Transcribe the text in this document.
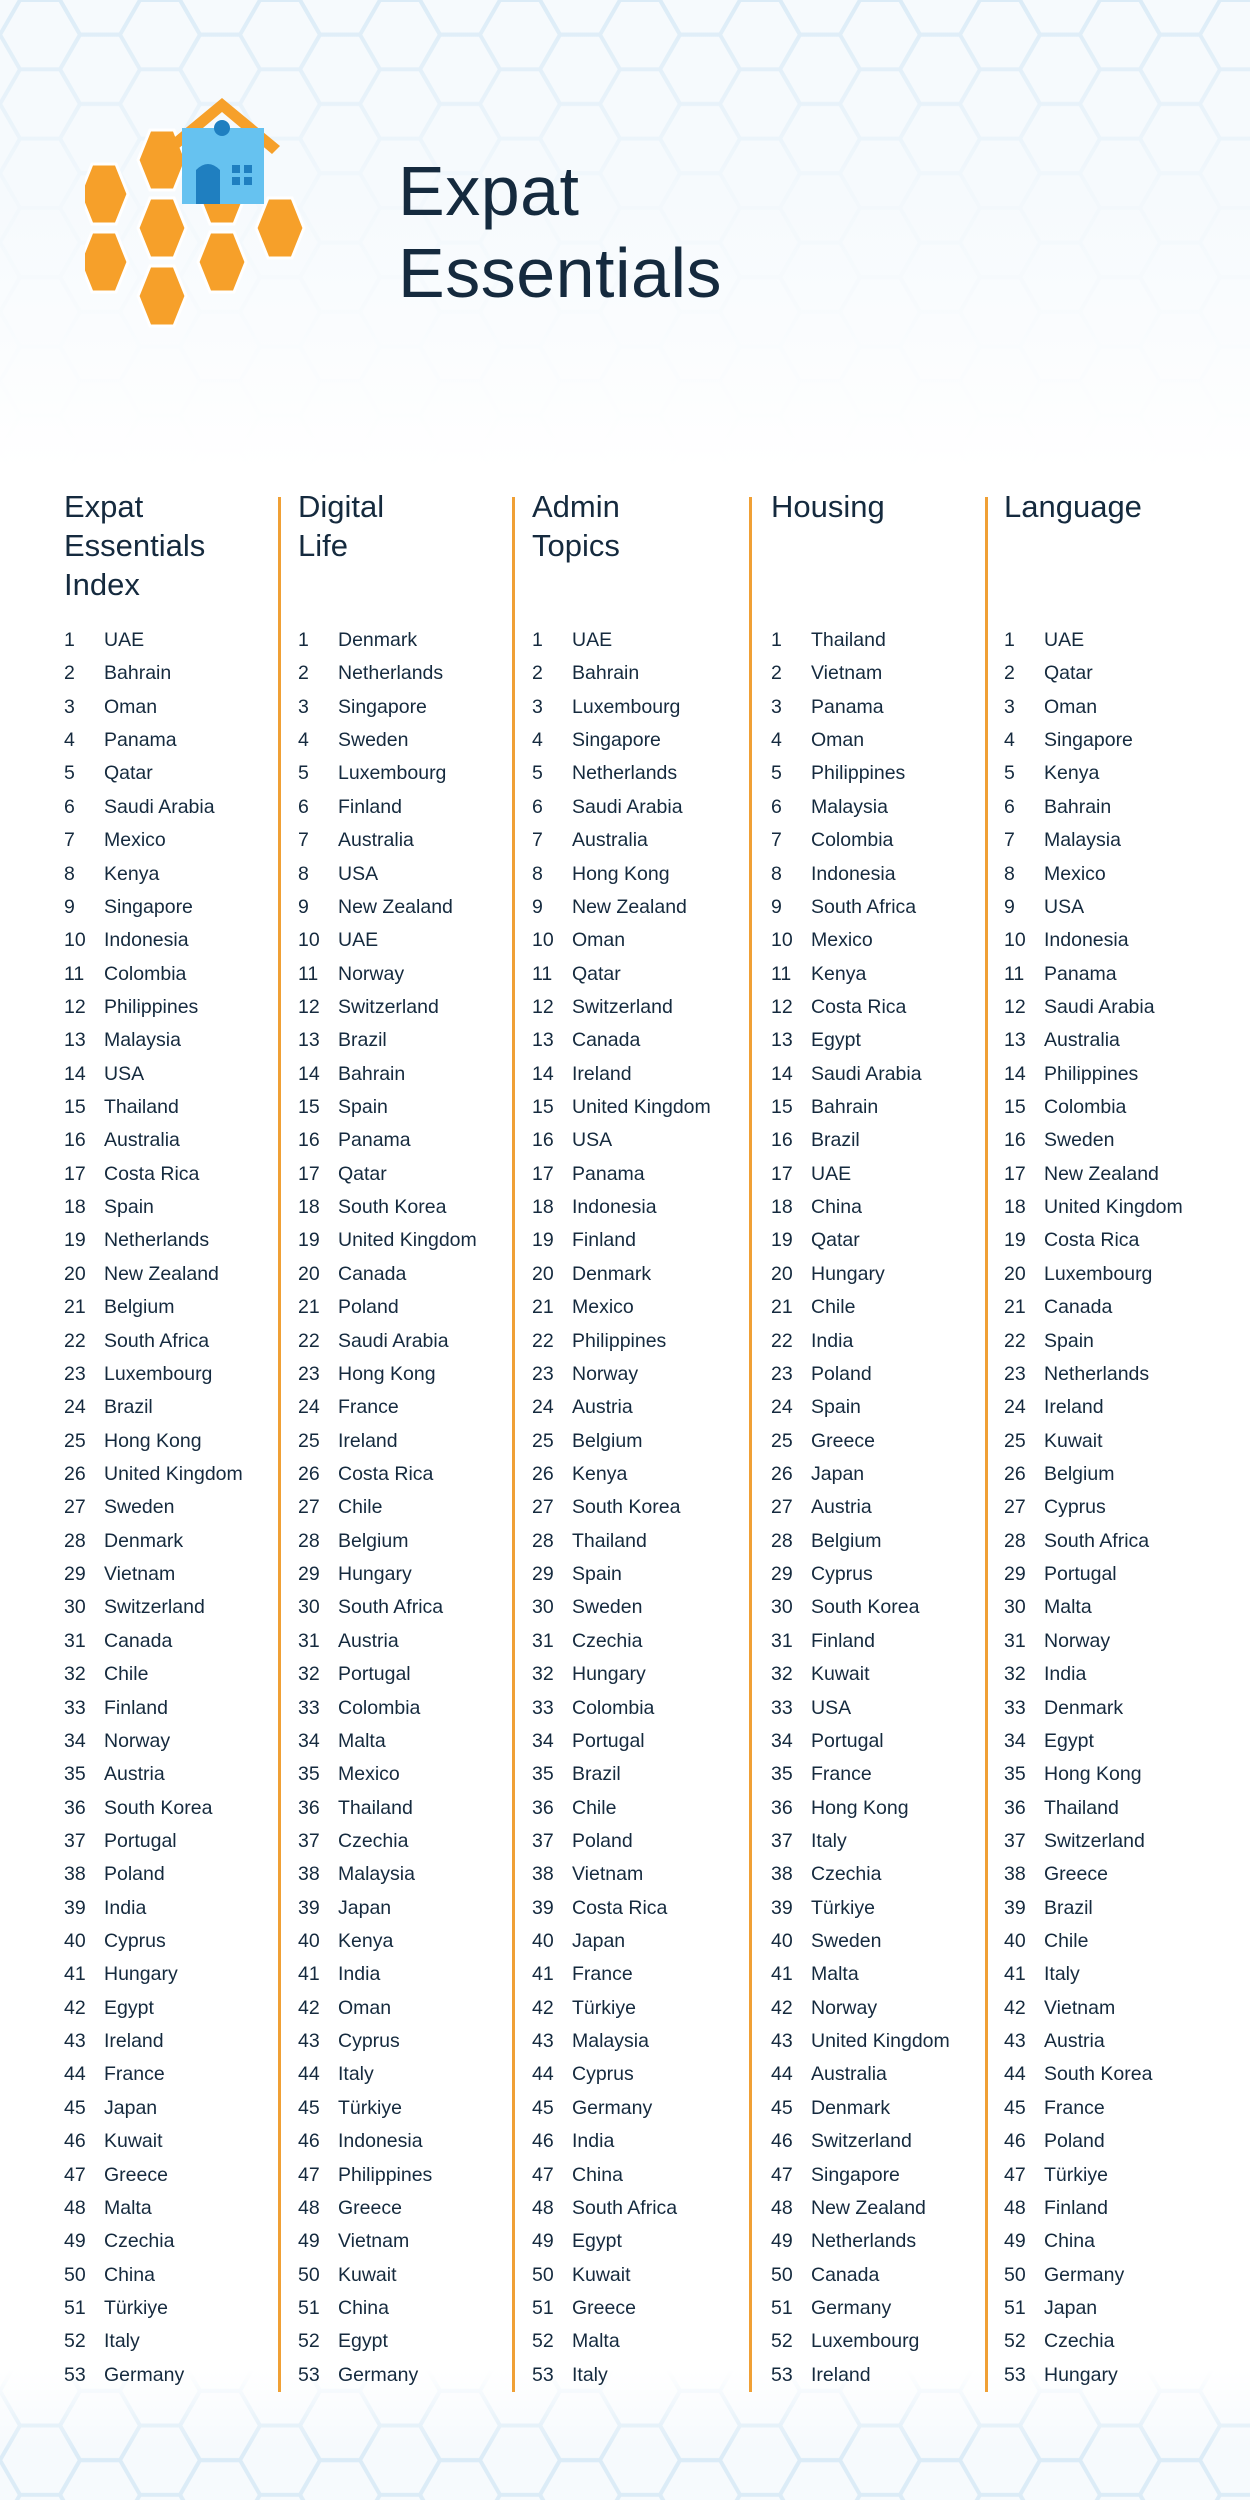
Expat
Essentials
Expat
Essentials
Index
1 UAE
2 Bahrain
3 Oman
4 Panama
5 Qatar
6 Saudi Arabia
7 Mexico
8 Kenya
9 Singapore
10 Indonesia
11 Colombia
12 Philippines
13 Malaysia
14 USA
15 Thailand
16 Australia
17 Costa Rica
18 Spain
19 Netherlands
20 New Zealand
21 Belgium
22 South Africa
23 Luxembourg
24 Brazil
25 Hong Kong
26 United Kingdom
27 Sweden
28 Denmark
29 Vietnam
30 Switzerland
31 Canada
32 Chile
33 Finland
34 Norway
35 Austria
36 South Korea
37 Portugal
38 Poland
39 India
40 Cyprus
41 Hungary
42 Egypt
43 Ireland
44 France
45 Japan
46 Kuwait
47 Greece
48 Malta
49 Czechia
50 China
51 Türkiye
52 Italy
53 Germany
Digital
Life
1 Denmark
2 Netherlands
3 Singapore
4 Sweden
5 Luxembourg
6 Finland
7 Australia
8 USA
9 New Zealand
10 UAE
11 Norway
12 Switzerland
13 Brazil
14 Bahrain
15 Spain
16 Panama
17 Qatar
18 South Korea
19 United Kingdom
20 Canada
21 Poland
22 Saudi Arabia
23 Hong Kong
24 France
25 Ireland
26 Costa Rica
27 Chile
28 Belgium
29 Hungary
30 South Africa
31 Austria
32 Portugal
33 Colombia
34 Malta
35 Mexico
36 Thailand
37 Czechia
38 Malaysia
39 Japan
40 Kenya
41 India
42 Oman
43 Cyprus
44 Italy
45 Türkiye
46 Indonesia
47 Philippines
48 Greece
49 Vietnam
50 Kuwait
51 China
52 Egypt
53 Germany
Admin
Topics
1 UAE
2 Bahrain
3 Luxembourg
4 Singapore
5 Netherlands
6 Saudi Arabia
7 Australia
8 Hong Kong
9 New Zealand
10 Oman
11 Qatar
12 Switzerland
13 Canada
14 Ireland
15 United Kingdom
16 USA
17 Panama
18 Indonesia
19 Finland
20 Denmark
21 Mexico
22 Philippines
23 Norway
24 Austria
25 Belgium
26 Kenya
27 South Korea
28 Thailand
29 Spain
30 Sweden
31 Czechia
32 Hungary
33 Colombia
34 Portugal
35 Brazil
36 Chile
37 Poland
38 Vietnam
39 Costa Rica
40 Japan
41 France
42 Türkiye
43 Malaysia
44 Cyprus
45 Germany
46 India
47 China
48 South Africa
49 Egypt
50 Kuwait
51 Greece
52 Malta
53 Italy
Housing
1 Thailand
2 Vietnam
3 Panama
4 Oman
5 Philippines
6 Malaysia
7 Colombia
8 Indonesia
9 South Africa
10 Mexico
11 Kenya
12 Costa Rica
13 Egypt
14 Saudi Arabia
15 Bahrain
16 Brazil
17 UAE
18 China
19 Qatar
20 Hungary
21 Chile
22 India
23 Poland
24 Spain
25 Greece
26 Japan
27 Austria
28 Belgium
29 Cyprus
30 South Korea
31 Finland
32 Kuwait
33 USA
34 Portugal
35 France
36 Hong Kong
37 Italy
38 Czechia
39 Türkiye
40 Sweden
41 Malta
42 Norway
43 United Kingdom
44 Australia
45 Denmark
46 Switzerland
47 Singapore
48 New Zealand
49 Netherlands
50 Canada
51 Germany
52 Luxembourg
53 Ireland
Language
1 UAE
2 Qatar
3 Oman
4 Singapore
5 Kenya
6 Bahrain
7 Malaysia
8 Mexico
9 USA
10 Indonesia
11 Panama
12 Saudi Arabia
13 Australia
14 Philippines
15 Colombia
16 Sweden
17 New Zealand
18 United Kingdom
19 Costa Rica
20 Luxembourg
21 Canada
22 Spain
23 Netherlands
24 Ireland
25 Kuwait
26 Belgium
27 Cyprus
28 South Africa
29 Portugal
30 Malta
31 Norway
32 India
33 Denmark
34 Egypt
35 Hong Kong
36 Thailand
37 Switzerland
38 Greece
39 Brazil
40 Chile
41 Italy
42 Vietnam
43 Austria
44 South Korea
45 France
46 Poland
47 Türkiye
48 Finland
49 China
50 Germany
51 Japan
52 Czechia
53 Hungary
